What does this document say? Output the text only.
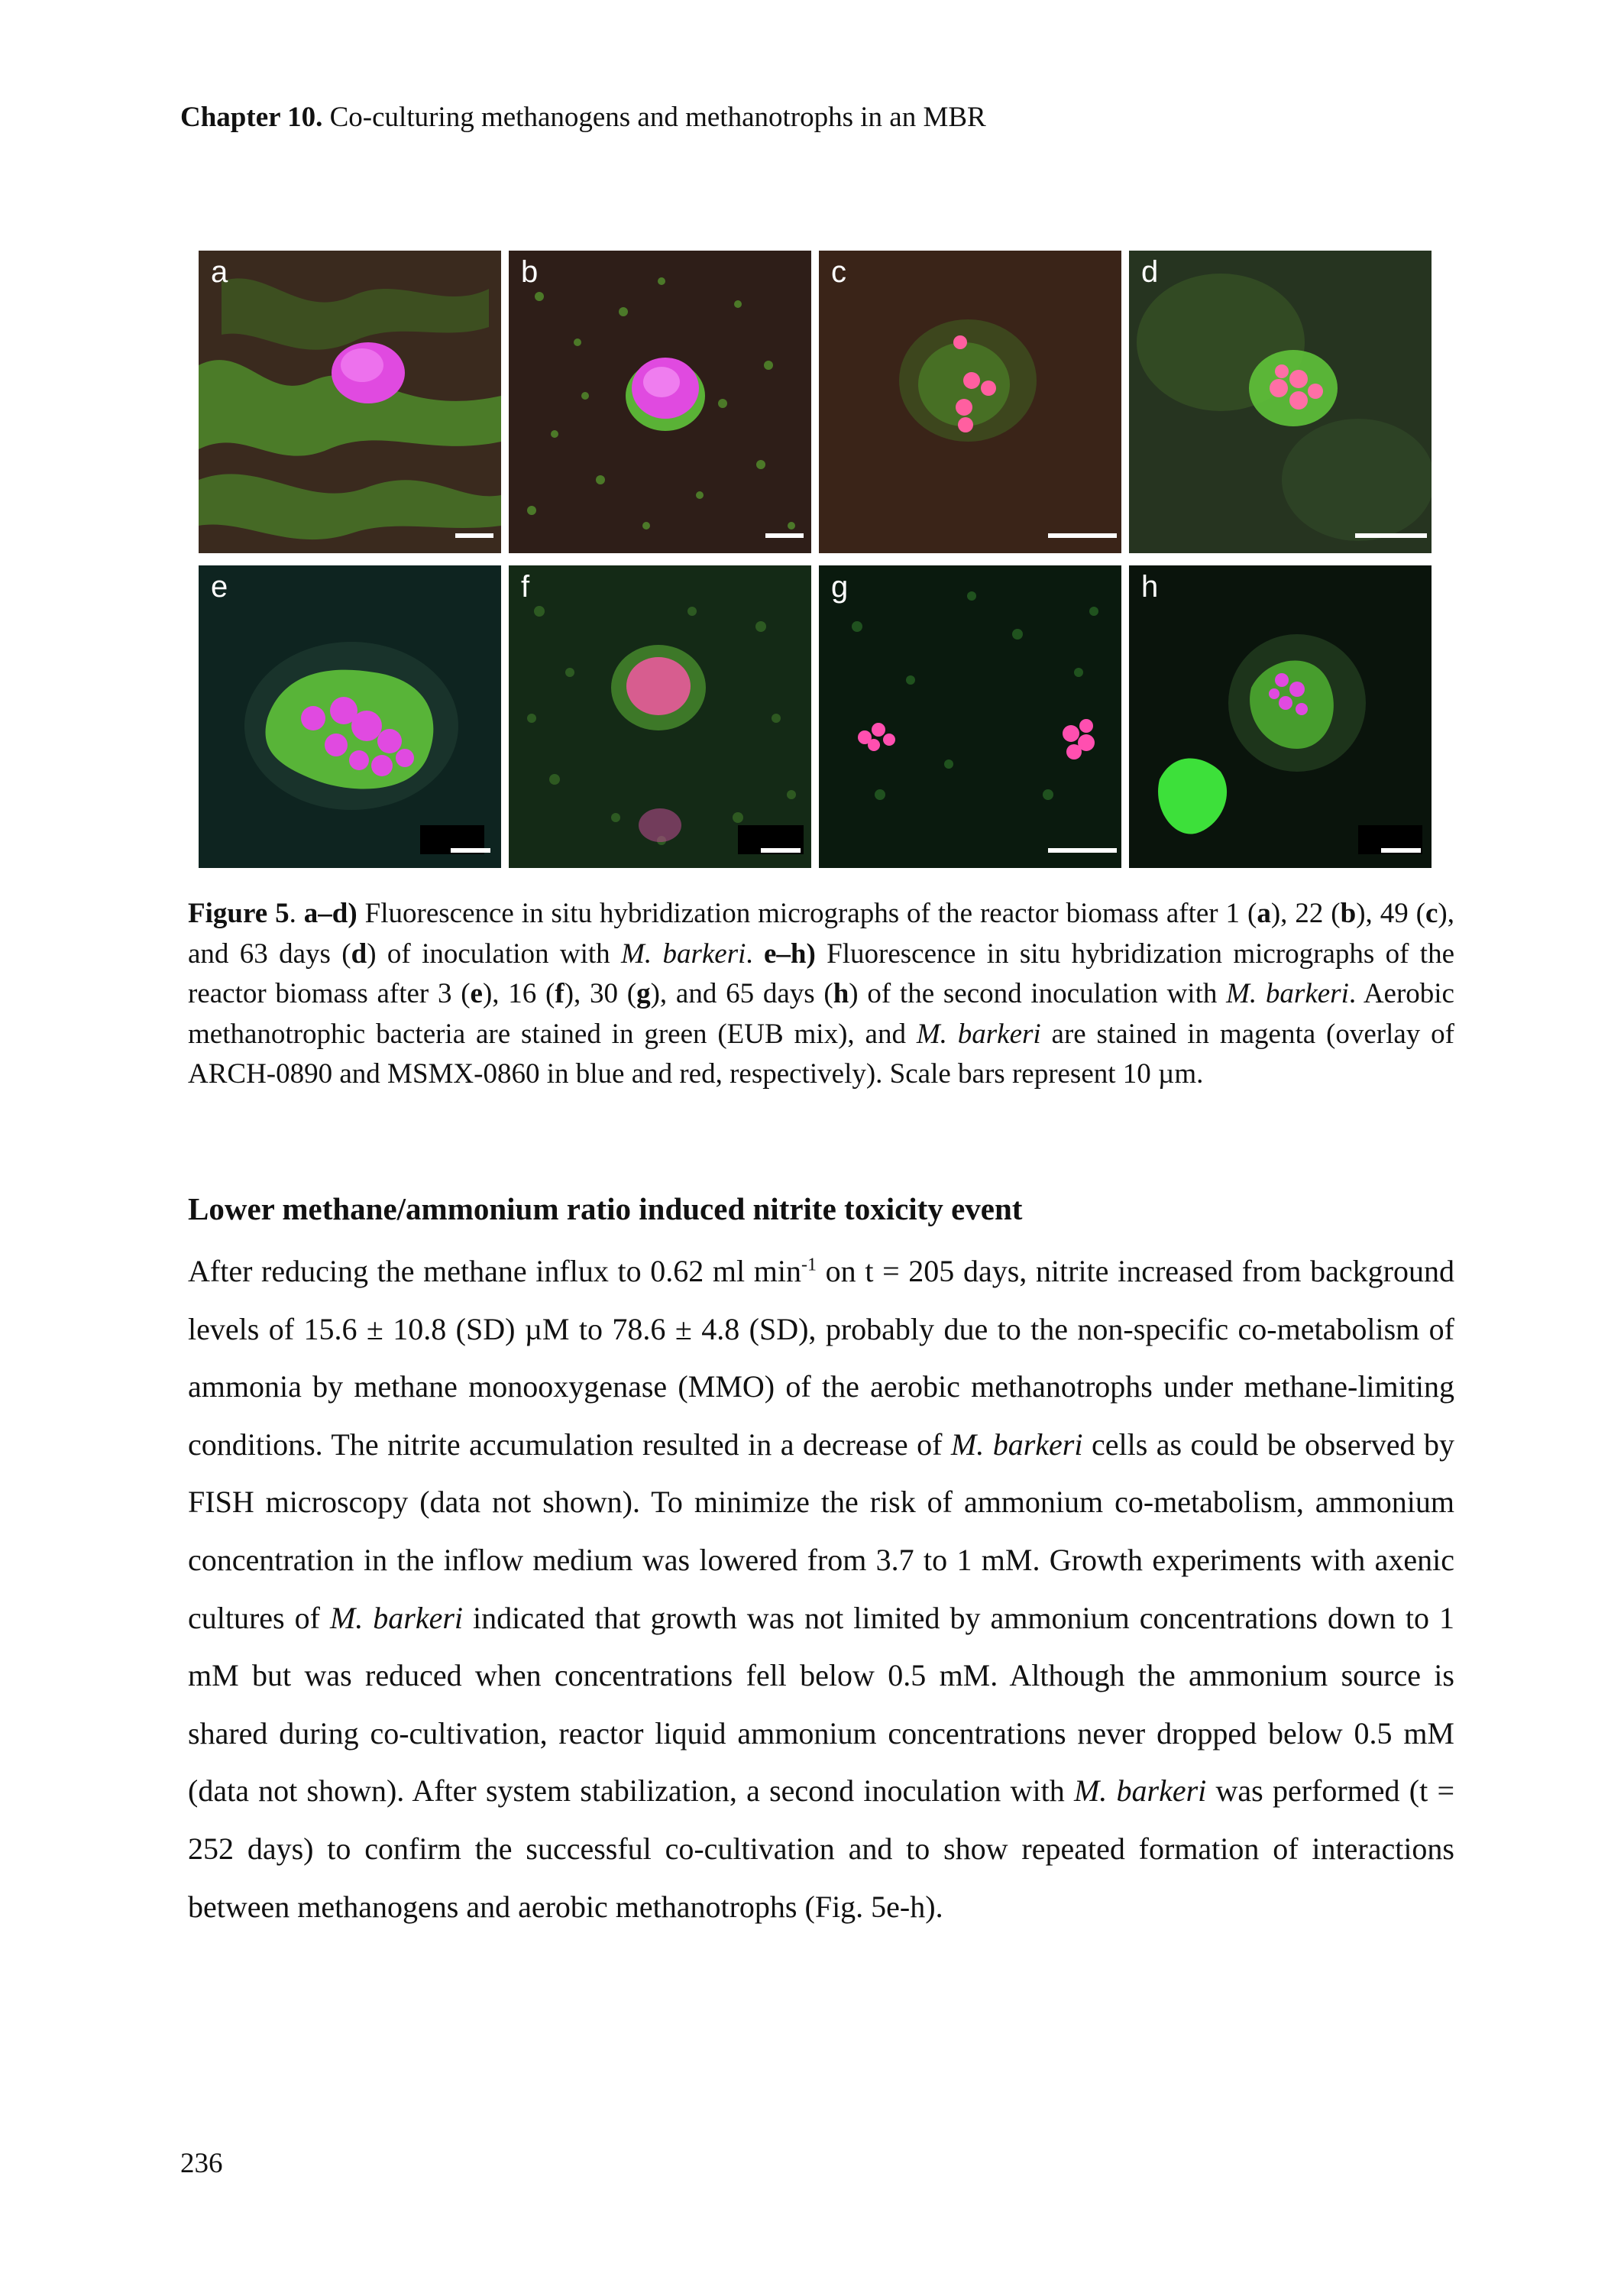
Chapter 10. Co-culturing methanogens and methanotrophs in an MBR
a	b	c	d
e	f	g	h
Figure 5. a–d) Fluorescence in situ hybridization micrographs of the reactor biomass after 1 (a), 22 (b), 49 (c), and 63 days (d) of inoculation with M. barkeri. e–h) Fluorescence in situ hybridization micrographs of the reactor biomass after 3 (e), 16 (f), 30 (g), and 65 days (h) of the second inoculation with M. barkeri. Aerobic methanotrophic bacteria are stained in green (EUB mix), and M. barkeri are stained in magenta (overlay of ARCH-0890 and MSMX-0860 in blue and red, respectively). Scale bars represent 10 µm.
Lower methane/ammonium ratio induced nitrite toxicity event
After reducing the methane influx to 0.62 ml $\min^{-1}$ on t = 205 days, nitrite increased from background levels of 15.6 ± 10.8 (SD) µM to 78.6 ± 4.8 (SD), probably due to the non-specific co-metabolism of ammonia by methane monooxygenase (MMO) of the aerobic methanotrophs under methane-limiting conditions. The nitrite accumulation resulted in a decrease of M. barkeri cells as could be observed by FISH microscopy (data not shown). To minimize the risk of ammonium co-metabolism, ammonium concentration in the inflow medium was lowered from 3.7 to 1 mM. Growth experiments with axenic cultures of M. barkeri indicated that growth was not limited by ammonium concentrations down to 1 mM but was reduced when concentrations fell below 0.5 mM. Although the ammonium source is shared during co-cultivation, reactor liquid ammonium concentrations never dropped below 0.5 mM (data not shown). After system stabilization, a second inoculation with M. barkeri was performed (t = 252 days) to confirm the successful co-cultivation and to show repeated formation of interactions between methanogens and aerobic methanotrophs (Fig. 5e-h).
236
